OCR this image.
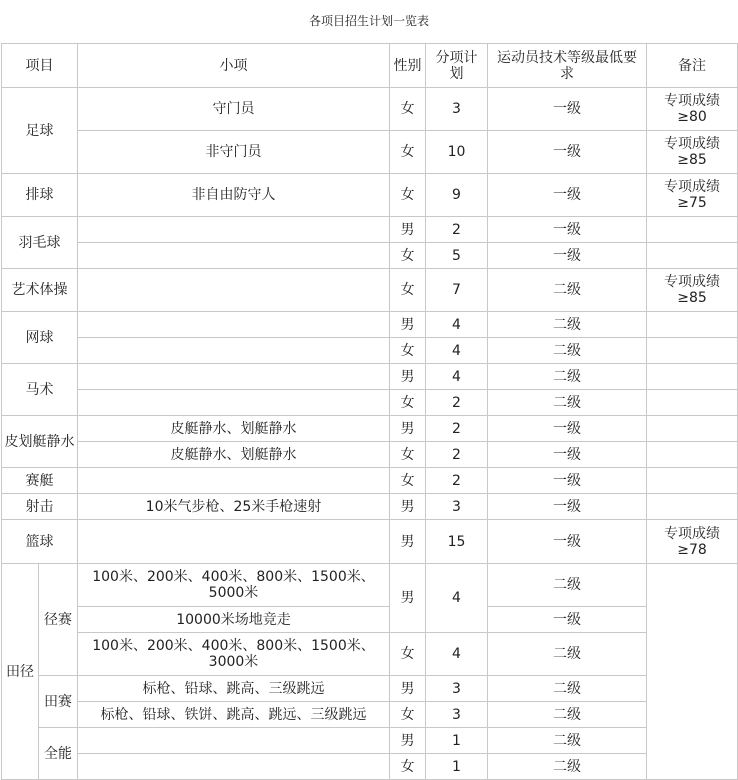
各项目招生计划一览表
项目		小项	性别	分项计划	运动员技术等级最低要求	备注
足球		守门员	女	3	一级	专项成绩≥80
		非守门员	女	10	一级	专项成绩≥85
排球		非自由防守人	女	9	一级	专项成绩≥75
羽毛球			男	2	一级	
			女	5	一级	
艺术体操			女	7	二级	专项成绩≥85
网球			男	4	二级	
			女	4	二级	
马术			男	4	二级	
			女	2	二级	
皮划艇静水		皮艇静水、划艇静水	男	2	一级	
		皮艇静水、划艇静水	女	2	一级	
赛艇			女	2	一级	
射击		10米气步枪、25米手枪速射	男	3	一级	
篮球			男	15	一级	专项成绩≥78
田径	径赛	100米、200米、400米、800米、1500米、5000米	男	4	二级	
		10000米场地竞走			一级	
		100米、200米、400米、800米、1500米、3000米	女	4	二级	
	田赛	标枪、铅球、跳高、三级跳远	男	3	二级	
		标枪、铅球、铁饼、跳高、跳远、三级跳远	女	3	二级	
	全能		男	1	二级	
			女	1	二级	
